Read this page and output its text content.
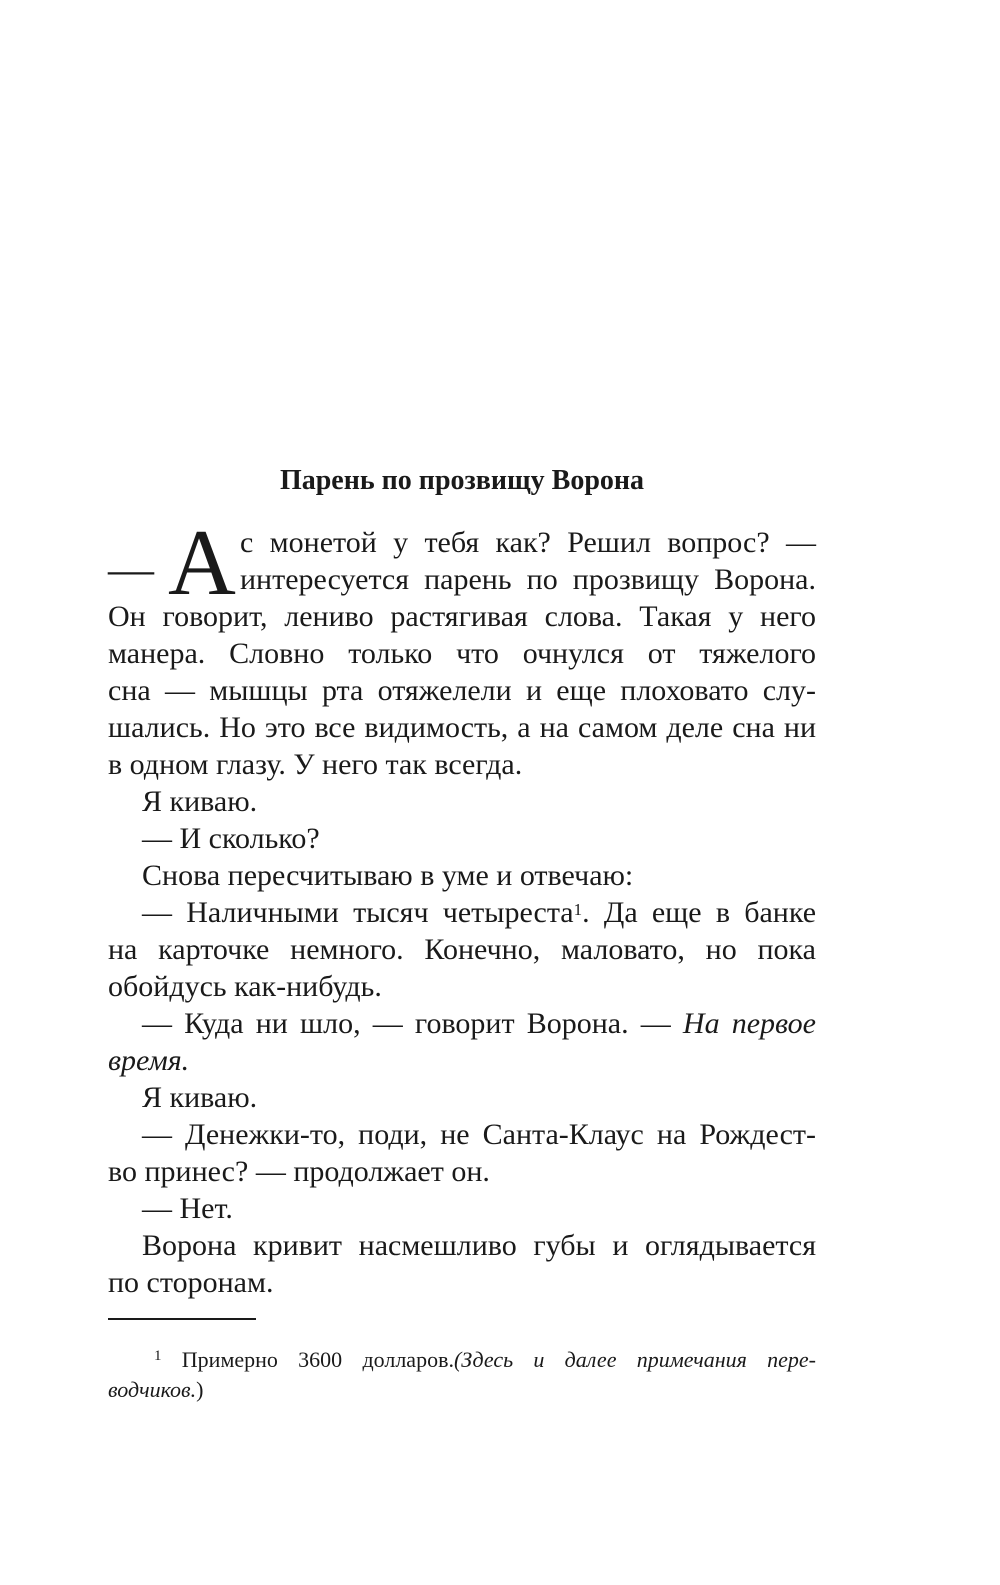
Парень по прозвищу Ворона
— А с монетой у тебя как? Решил вопрос? —
интересуется парень по прозвищу Ворона.
Он говорит, лениво растягивая слова. Такая у него
манера. Словно только что очнулся от тяжелого
сна — мышцы рта отяжелели и еще плоховато слу-
шались. Но это все видимость, а на самом деле сна ни
в одном глазу. У него так всегда.
Я киваю.
— И сколько?
Снова пересчитываю в уме и отвечаю:
— Наличными тысяч четыреста$^1$. Да еще в банке
на карточке немного. Конечно, маловато, но пока
обойдусь как-нибудь.
— Куда ни шло, — говорит Ворона. — На первое
время.
Я киваю.
— Денежки-то, поди, не Санта-Клаус на Рождест-
во принес? — продолжает он.
— Нет.
Ворона кривит насмешливо губы и оглядывается
по сторонам.
$^1$ Примерно 3600 долларов.(Здесь и далее примечания пере-
водчиков.)
